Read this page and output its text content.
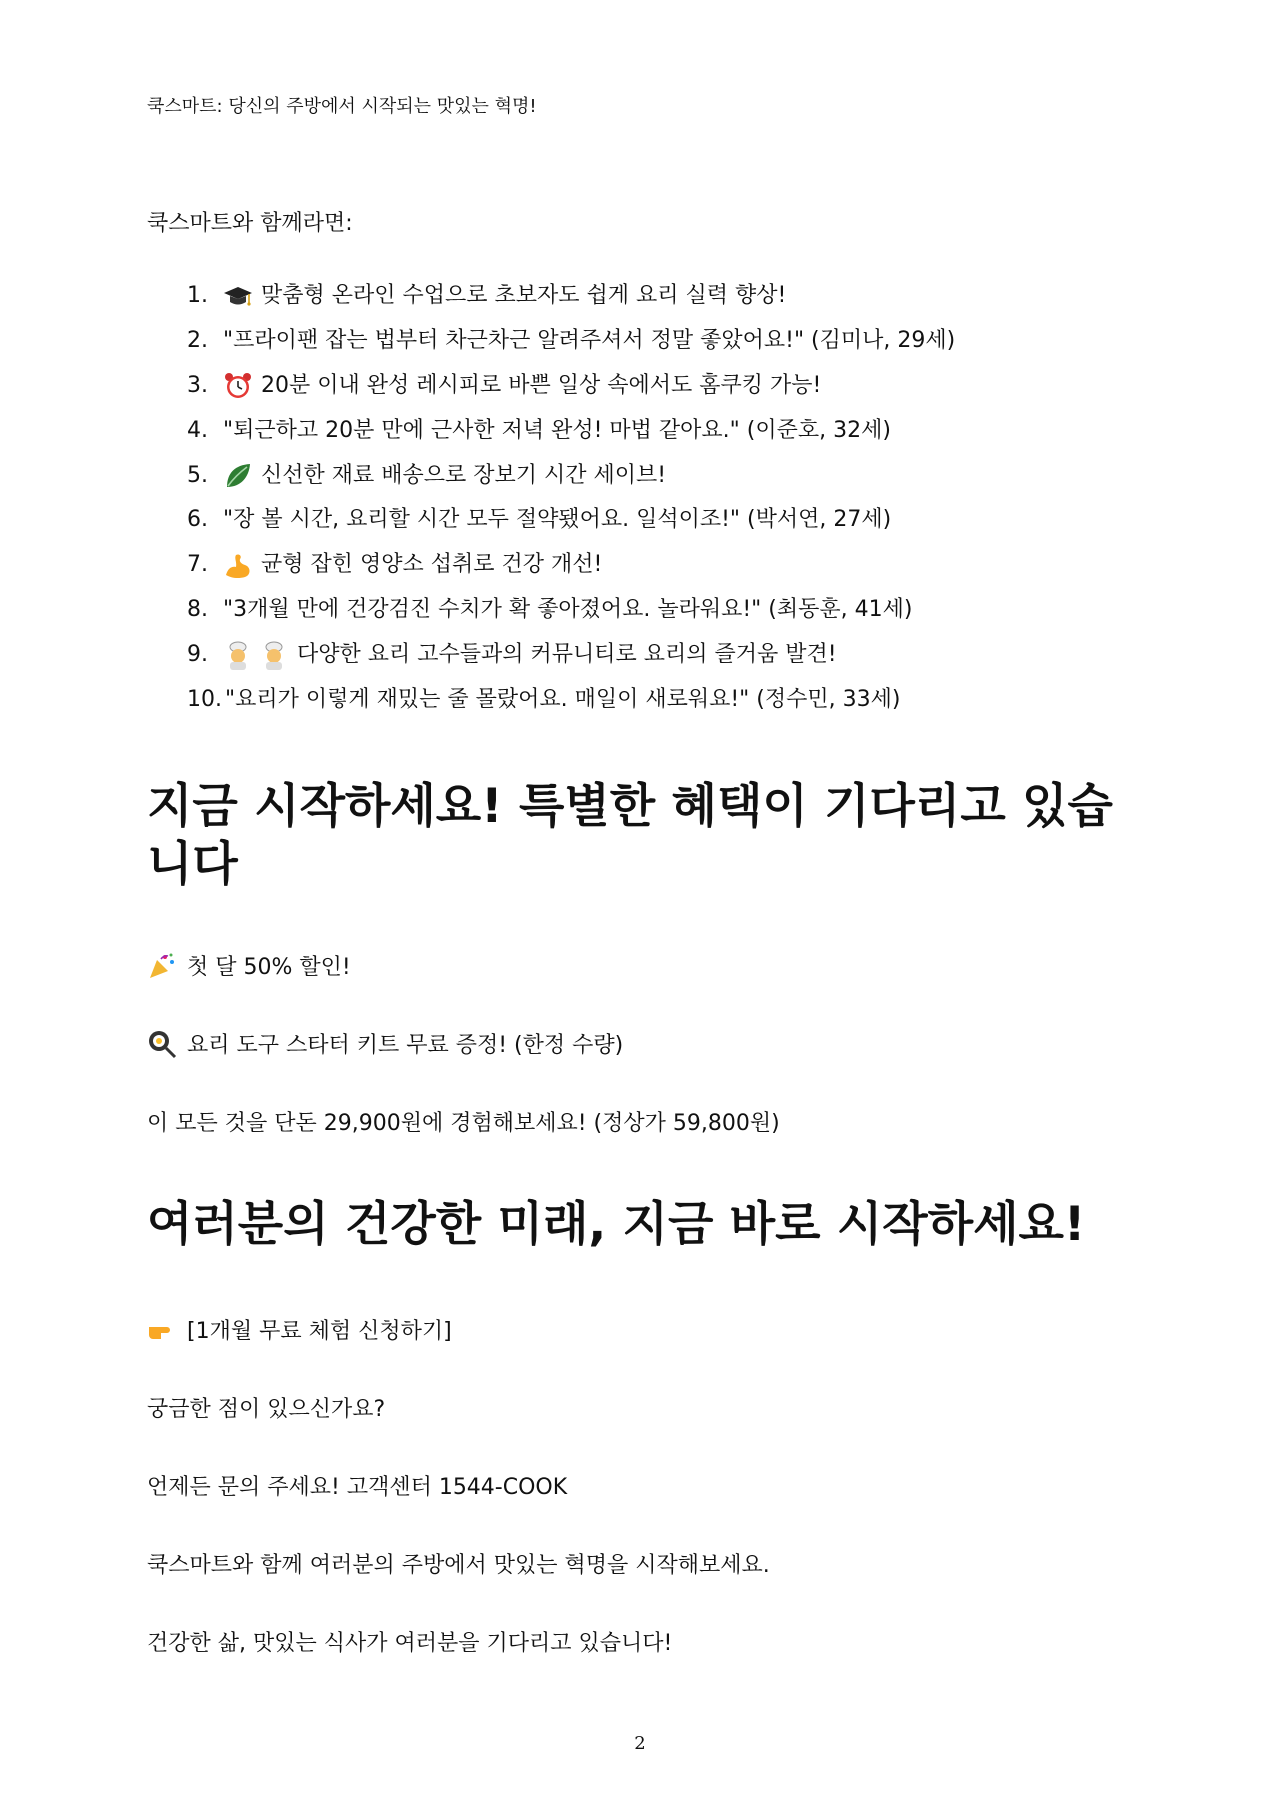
쿡스마트: 당신의 주방에서 시작되는 맛있는 혁명!
쿡스마트와 함께라면:
1.	맞춤형 온라인 수업으로 초보자도 쉽게 요리 실력 향상!
2. "프라이팬 잡는 법부터 차근차근 알려주셔서 정말 좋았어요!" (김미나, 29세)
3.	20분 이내 완성 레시피로 바쁜 일상 속에서도 홈쿠킹 가능!
4. "퇴근하고 20분 만에 근사한 저녁 완성! 마법 같아요." (이준호, 32세)
5.	신선한 재료 배송으로 장보기 시간 세이브!
6. "장 볼 시간, 요리할 시간 모두 절약됐어요. 일석이조!" (박서연, 27세)
7.	균형 잡힌 영양소 섭취로 건강 개선!
8. "3개월 만에 건강검진 수치가 확 좋아졌어요. 놀라워요!" (최동훈, 41세)
9.	다양한 요리 고수들과의 커뮤니티로 요리의 즐거움 발견!
10. "요리가 이렇게 재밌는 줄 몰랐어요. 매일이 새로워요!" (정수민, 33세)
지금 시작하세요! 특별한 혜택이 기다리고 있습니다
첫 달 50% 할인!
요리 도구 스타터 키트 무료 증정! (한정 수량)
이 모든 것을 단돈 29,900원에 경험해보세요! (정상가 59,800원)
여러분의 건강한 미래, 지금 바로 시작하세요!
[1개월 무료 체험 신청하기]
궁금한 점이 있으신가요?
언제든 문의 주세요! 고객센터 1544-COOK
쿡스마트와 함께 여러분의 주방에서 맛있는 혁명을 시작해보세요.
건강한 삶, 맛있는 식사가 여러분을 기다리고 있습니다!
2
